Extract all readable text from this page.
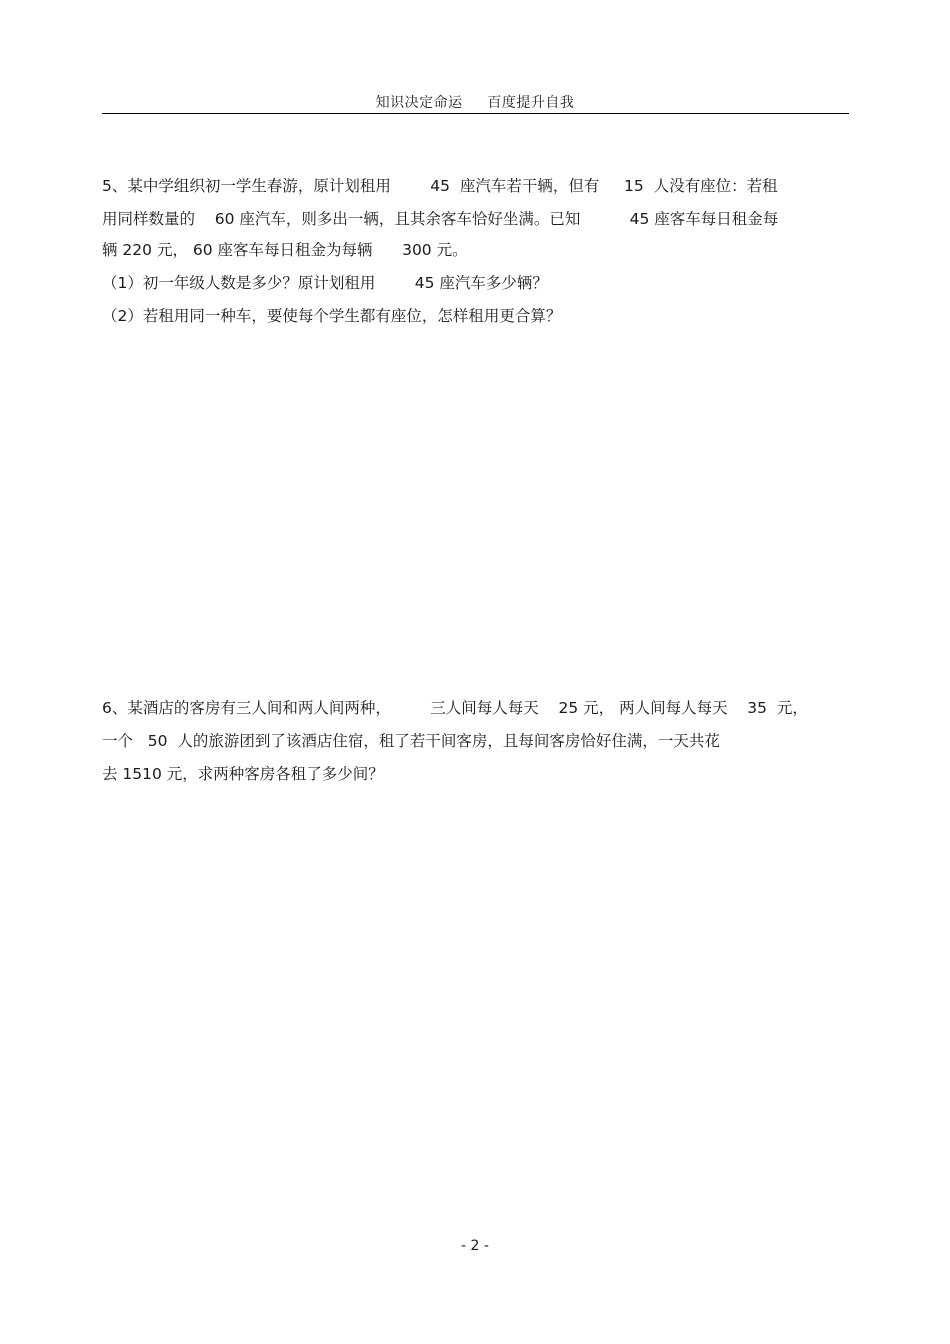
知识决定命运     百度提升自我
5、某中学组织初一学生春游，原计划租用        45  座汽车若干辆，但有     15  人没有座位：若租
用同样数量的    60 座汽车，则多出一辆，且其余客车恰好坐满。已知          45 座客车每日租金每
辆 220 元， 60 座客车每日租金为每辆      300 元。
（1）初一年级人数是多少？原计划租用        45 座汽车多少辆？
（2）若租用同一种车，要使每个学生都有座位，怎样租用更合算？
6、某酒店的客房有三人间和两人间两种，        三人间每人每天    25 元， 两人间每人每天    35  元，
一个   50  人的旅游团到了该酒店住宿，租了若干间客房，且每间客房恰好住满，一天共花
去 1510 元，求两种客房各租了多少间？
- 2 -
